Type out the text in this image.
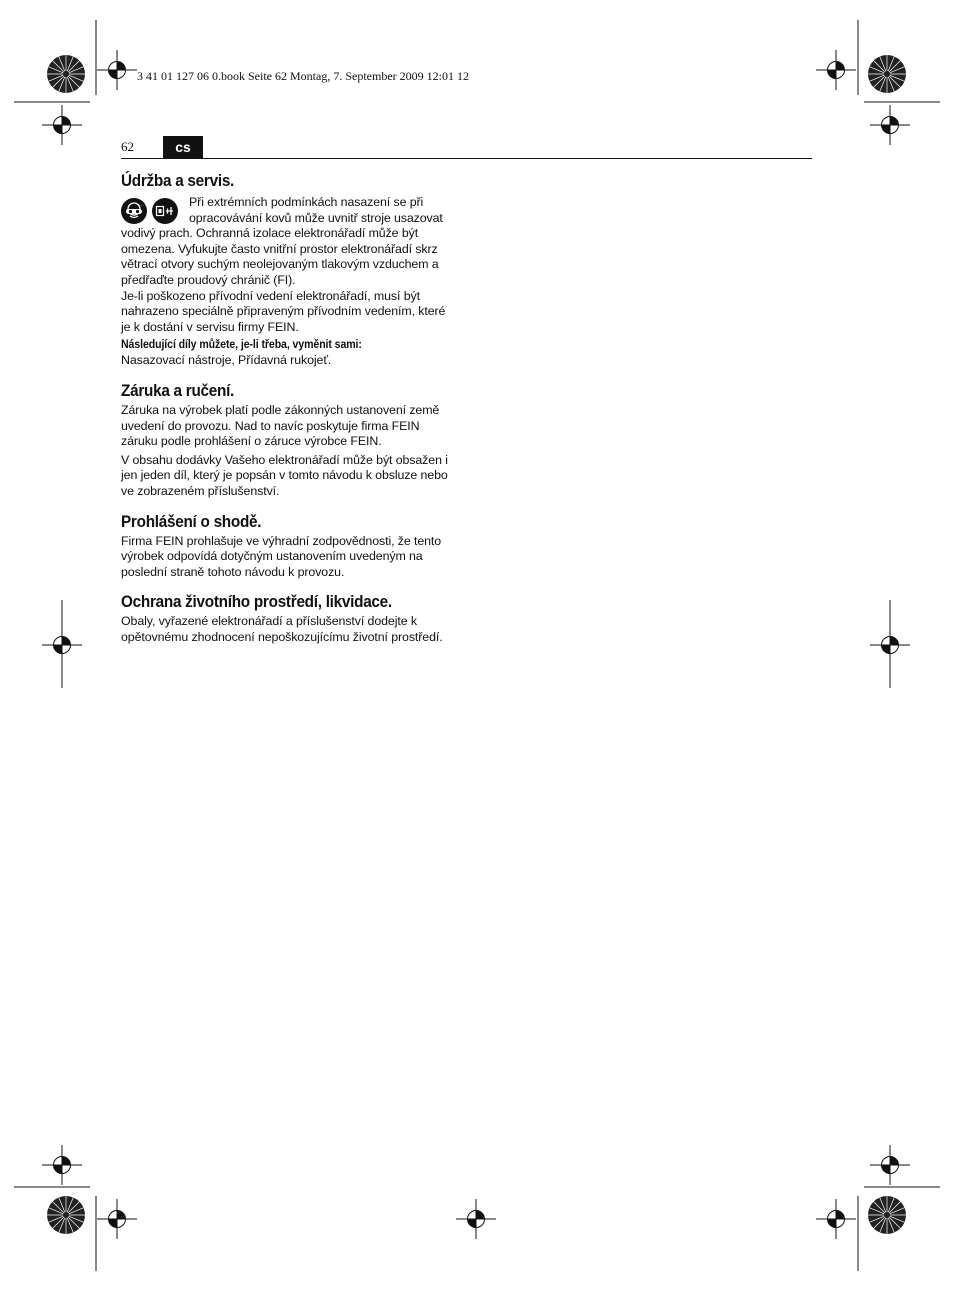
3 41 01 127 06 0.book Seite 62 Montag, 7. September 2009 12:01 12
62	cs
Údržba a servis.

Při extrémních podmínkách nasazení se při opracovávání kovů může uvnitř stroje usazovat vodivý prach. Ochranná izolace elektronářadí může být omezena. Vyfukujte často vnitřní prostor elektronářadí skrz větrací otvory suchým neolejovaným tlakovým vzduchem a předřaďte proudový chránič (FI).

Je-li poškozeno přívodní vedení elektronářadí, musí být nahrazeno speciálně připraveným přívodním vedením, které je k dostání v servisu firmy FEIN.

Následující díly můžete, je-li třeba, vyměnit sami:

Nasazovací nástroje, Přídavná rukojeť.

Záruka a ručení.

Záruka na výrobek platí podle zákonných ustanovení země uvedení do provozu. Nad to navíc poskytuje firma FEIN záruku podle prohlášení o záruce výrobce FEIN.

V obsahu dodávky Vašeho elektronářadí může být obsažen i jen jeden díl, který je popsán v tomto návodu k obsluze nebo ve zobrazeném příslušenství.

Prohlášení o shodě.

Firma FEIN prohlašuje ve výhradní zodpovědnosti, že tento výrobek odpovídá dotyčným ustanovením uvedeným na poslední straně tohoto návodu k provozu.

Ochrana životního prostředí, likvidace.

Obaly, vyřazené elektronářadí a příslušenství dodejte k opětovnému zhodnocení nepoškozujícímu životní prostředí.
